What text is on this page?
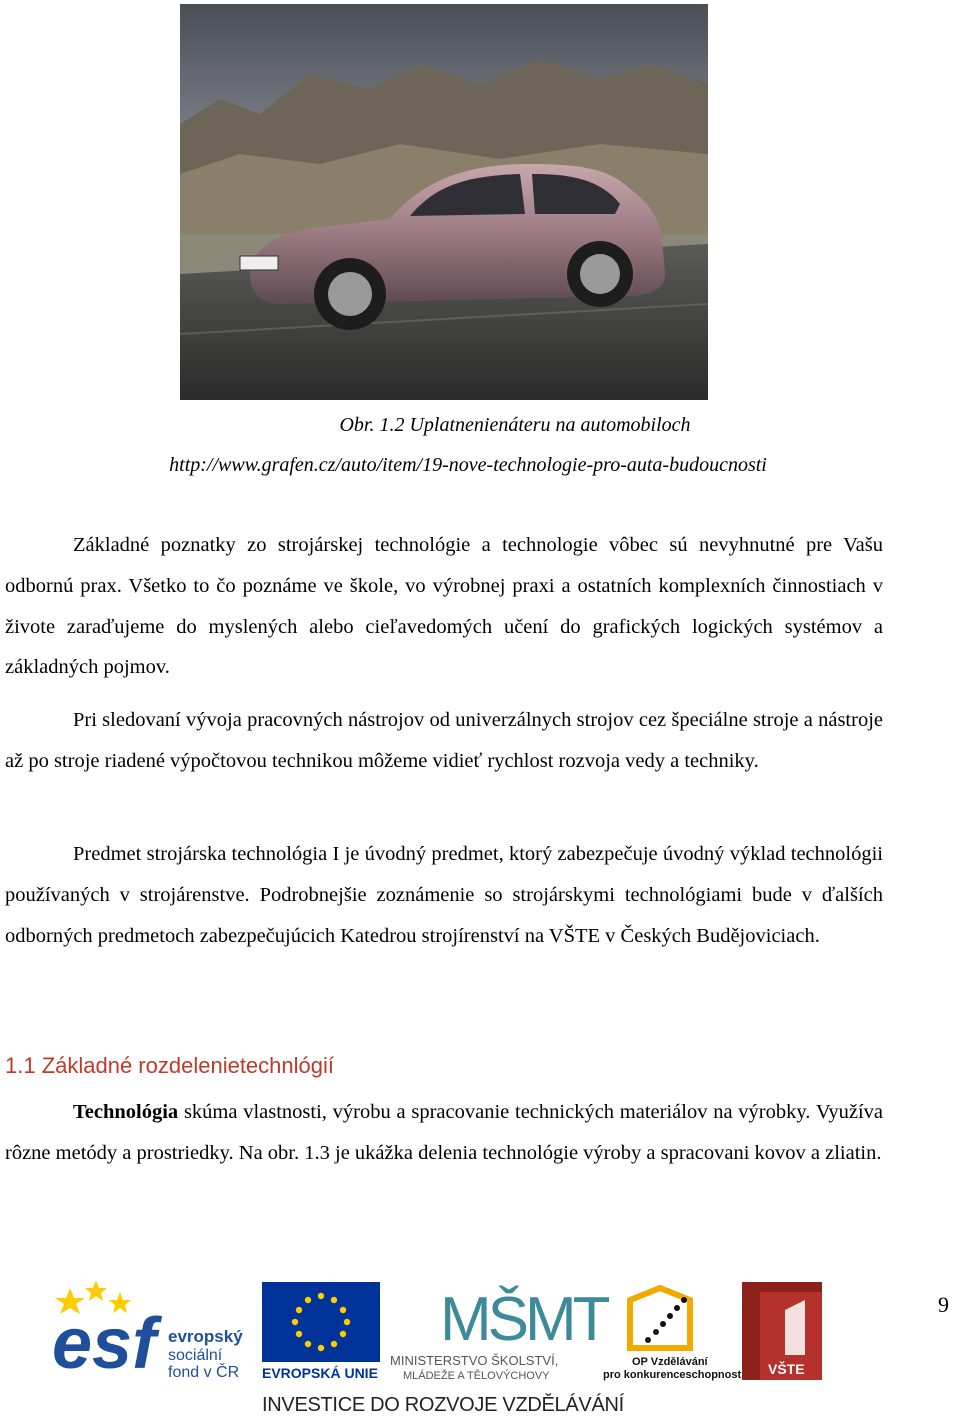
Obr. 1.2 Uplatnenienáteru na automobiloch
http://www.grafen.cz/auto/item/19-nove-technologie-pro-auta-budoucnosti
Základné poznatky zo strojárskej technológie a technologie vôbec sú nevyhnutné pre Vašu odbornú prax. Všetko to čo poznáme ve škole, vo výrobnej praxi a ostatních komplexních činnostiach v živote zaraďujeme do myslených alebo cieľavedomých učení do grafických logických systémov a základných pojmov.
Pri sledovaní vývoja pracovných nástrojov od univerzálnych strojov cez špeciálne stroje a nástroje až po stroje riadené výpočtovou technikou môžeme vidieť rychlost rozvoja vedy a techniky.
Predmet strojárska technológia I je úvodný predmet, ktorý zabezpečuje úvodný výklad technológii používaných v strojárenstve. Podrobnejšie zoznámenie so strojárskymi technológiami bude v ďalších odborných predmetoch zabezpečujúcich Katedrou strojírenství na VŠTE v Českých Budějoviciach.
1.1 Základné rozdelenietechnlógií
Technológia skúma vlastnosti, výrobu a spracovanie technických materiálov na výrobky. Využíva rôzne metódy a prostriedky. Na obr. 1.3 je ukážka delenia technológie výroby a spracovani kovov a zliatin.
esf evropský
sociální
fond v ČR EVROPSKÁ UNIE
MŠMT
MINISTERSTVO ŠKOLSTVÍ,
MLÁDEŽE A TĚLOVÝCHOVY
OP Vzdělávání
pro konkurenceschopnost VŠTE
9
INVESTICE DO ROZVOJE VZDĚLÁVÁNÍ
